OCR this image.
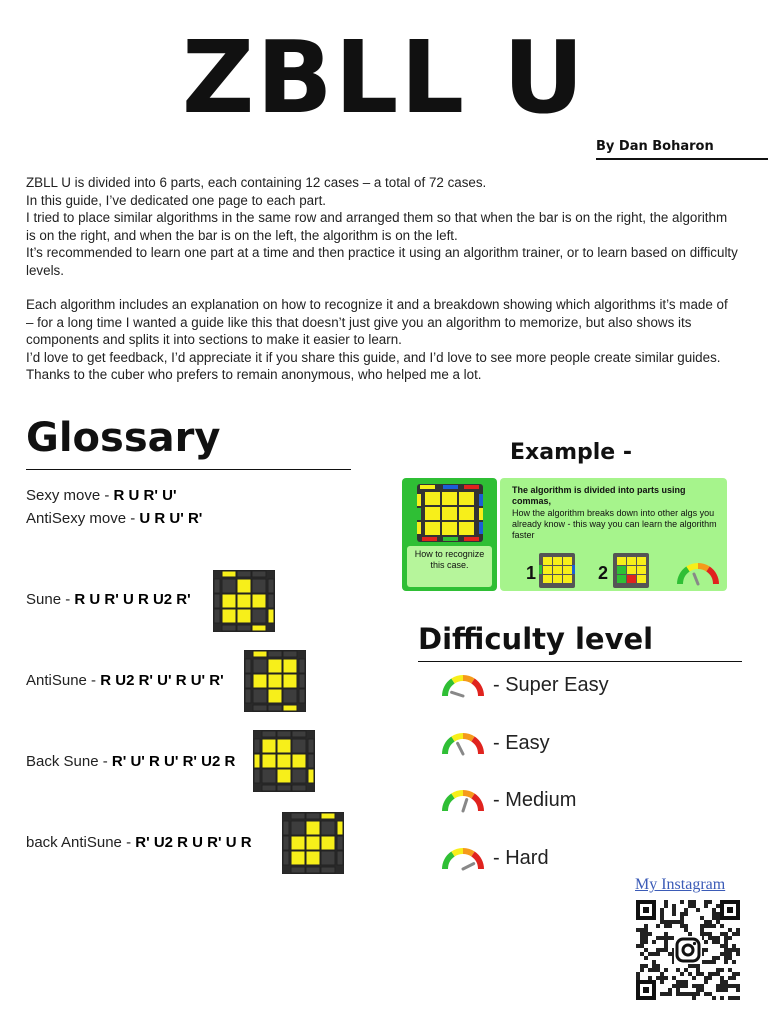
ZBLL U
By Dan Boharon

ZBLL U is divided into 6 parts, each containing 12 cases – a total of 72 cases.

In this guide, I’ve dedicated one page to each part.

I tried to place similar algorithms in the same row and arranged them so that when the bar is on the right, the algorithm is on the right, and when the bar is on the left, the algorithm is on the left.

It’s recommended to learn one part at a time and then practice it using an algorithm trainer, or to learn based on difficulty levels.

Each algorithm includes an explanation on how to recognize it and a breakdown showing which algorithms it’s made of – for a long time I wanted a guide like this that doesn’t just give you an algorithm to memorize, but also shows its components and splits it into sections to make it easier to learn.

I’d love to get feedback, I’d appreciate it if you share this guide, and I’d love to see more people create similar guides.

Thanks to the cuber who prefers to remain anonymous, who helped me a lot.

Glossary
Sexy move - R U R' U'
AntiSexy move - U R U' R'
Sune - R U R' U R U2 R'
AntiSune - R U2 R' U' R U' R'
Back Sune - R' U' R U' R' U2 R
back AntiSune - R' U2 R U R' U R
Example -
How to recognize this case.
The algorithm is divided into parts using commas,
How the algorithm breaks down into other algs you already know - this way you can learn the algorithm faster
1	2
Difficulty level
- Super Easy
- Easy
- Medium
- Hard
My Instagram
